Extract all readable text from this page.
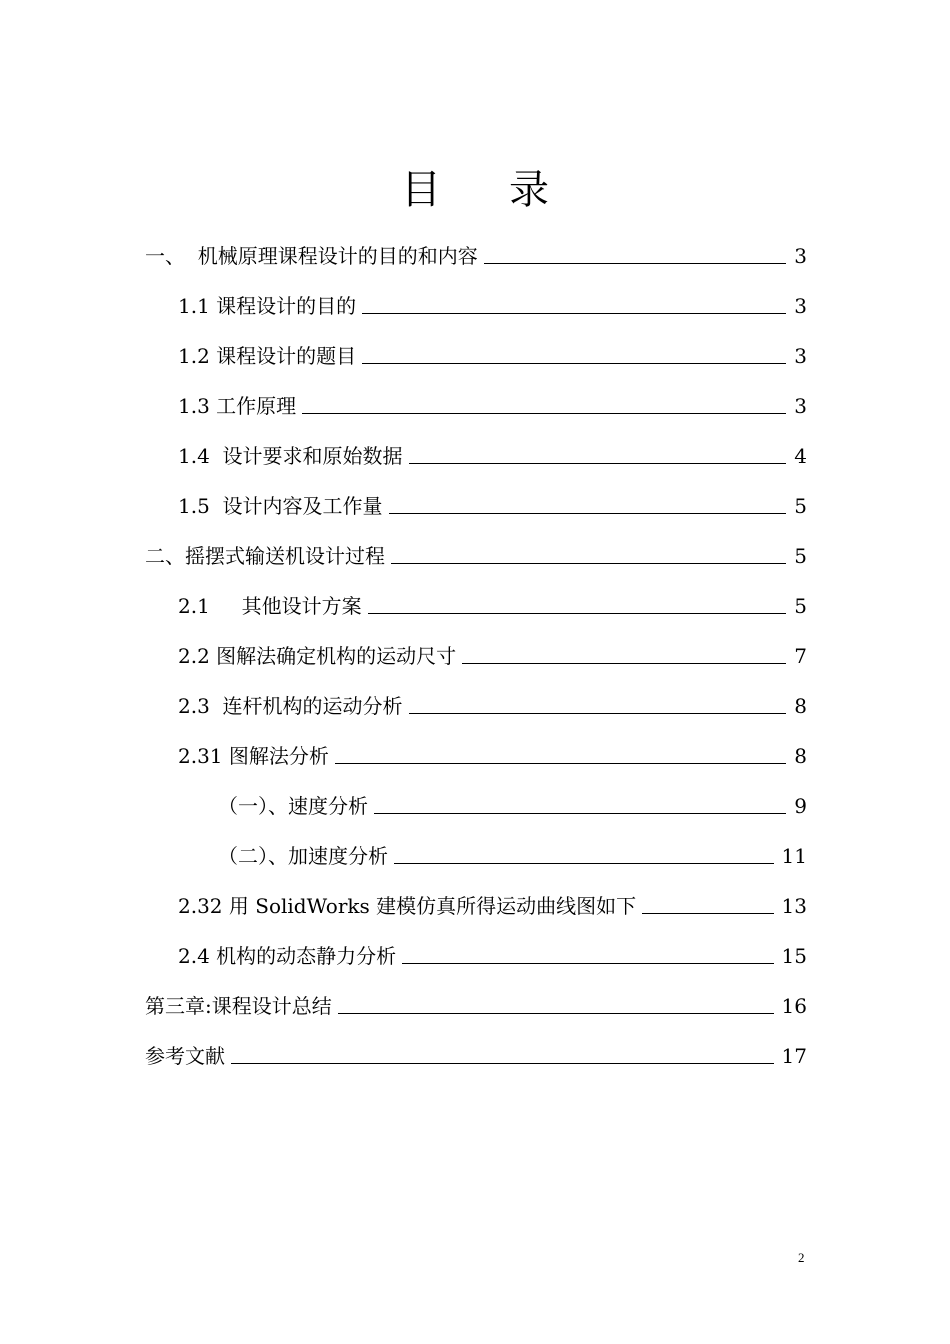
目 录
一、  机械原理课程设计的目的和内容	3
1.1 课程设计的目的	3
1.2 课程设计的题目	3
1.3 工作原理	3
1.4  设计要求和原始数据	4
1.5  设计内容及工作量	5
二、摇摆式输送机设计过程	5
2.1     其他设计方案	5
2.2 图解法确定机构的运动尺寸	7
2.3  连杆机构的运动分析	8
2.31 图解法分析	8
（一）、速度分析	9
（二）、加速度分析	11
2.32 用 SolidWorks 建模仿真所得运动曲线图如下	13
2.4 机构的动态静力分析	15
第三章:课程设计总结	16
参考文献	17
2
